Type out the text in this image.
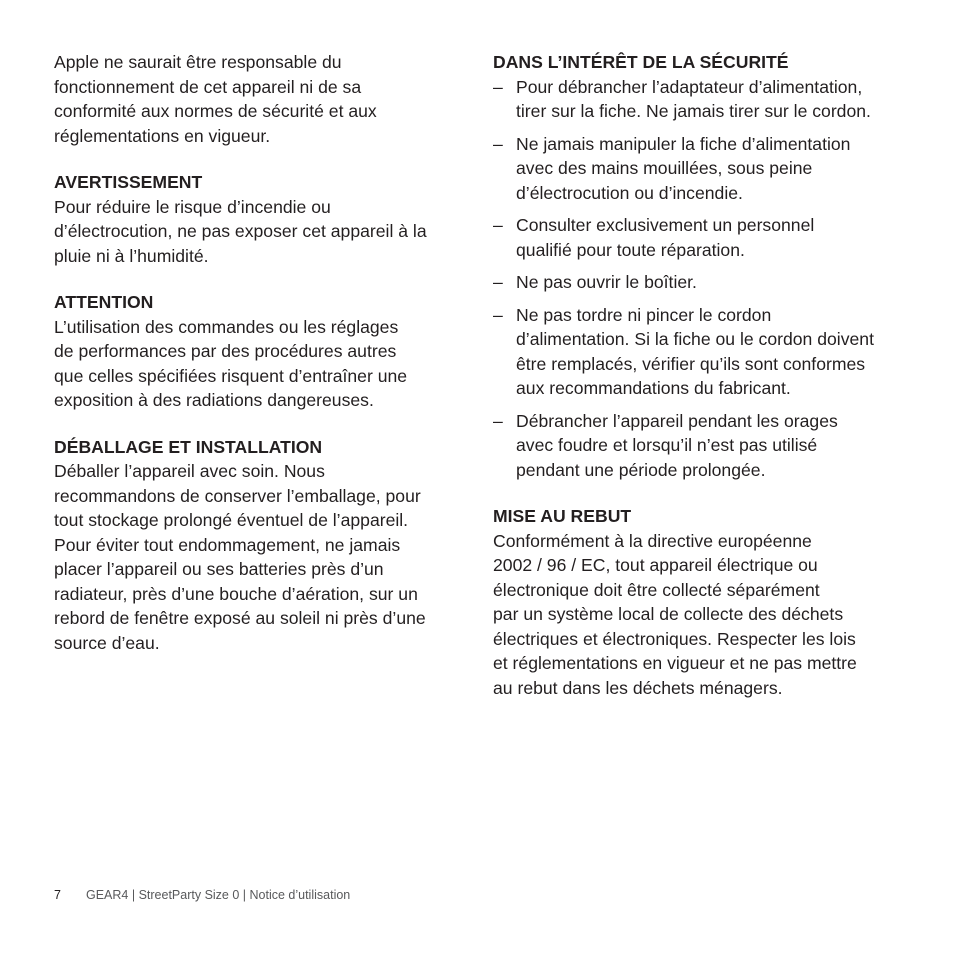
Apple ne saurait être responsable du
fonctionnement de cet appareil ni de sa
conformité aux normes de sécurité et aux
réglementations en vigueur.
AVERTISSEMENT
Pour réduire le risque d’incendie ou
d’électrocution, ne pas exposer cet appareil à la
pluie ni à l’humidité.
ATTENTION
L’utilisation des commandes ou les réglages
de performances par des procédures autres
que celles spécifiées risquent d’entraîner une
exposition à des radiations dangereuses.
DÉBALLAGE ET INSTALLATION
Déballer l’appareil avec soin. Nous
recommandons de conserver l’emballage, pour
tout stockage prolongé éventuel de l’appareil.
Pour éviter tout endommagement, ne jamais
placer l’appareil ou ses batteries près d’un
radiateur, près d’une bouche d’aération, sur un
rebord de fenêtre exposé au soleil ni près d’une
source d’eau.
DANS L’INTÉRÊT DE LA SÉCURITÉ
– Pour débrancher l’adaptateur d’alimentation,
tirer sur la fiche. Ne jamais tirer sur le cordon.
– Ne jamais manipuler la fiche d’alimentation
avec des mains mouillées, sous peine
d’électrocution ou d’incendie.
– Consulter exclusivement un personnel
qualifié pour toute réparation.
– Ne pas ouvrir le boîtier.
– Ne pas tordre ni pincer le cordon
d’alimentation. Si la fiche ou le cordon doivent
être remplacés, vérifier qu’ils sont conformes
aux recommandations du fabricant.
– Débrancher l’appareil pendant les orages
avec foudre et lorsqu’il n’est pas utilisé
pendant une période prolongée.
MISE AU REBUT
Conformément à la directive européenne
2002 / 96 / EC, tout appareil électrique ou
électronique doit être collecté séparément
par un système local de collecte des déchets
électriques et électroniques. Respecter les lois
et réglementations en vigueur et ne pas mettre
au rebut dans les déchets ménagers.
7 GEAR4 | StreetParty Size 0 | Notice d’utilisation
